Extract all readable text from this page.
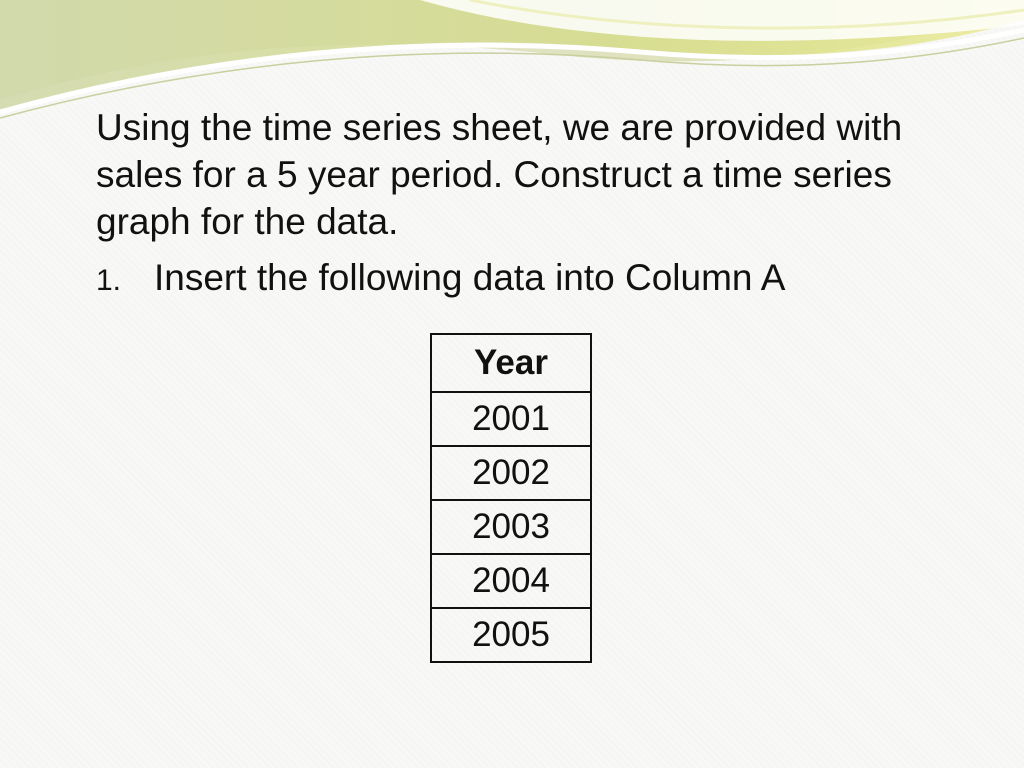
Using the time series sheet, we are provided with sales for a 5 year period. Construct a time series graph for the data.

1. Insert the following data into Column A
Year
2001
2002
2003
2004
2005
